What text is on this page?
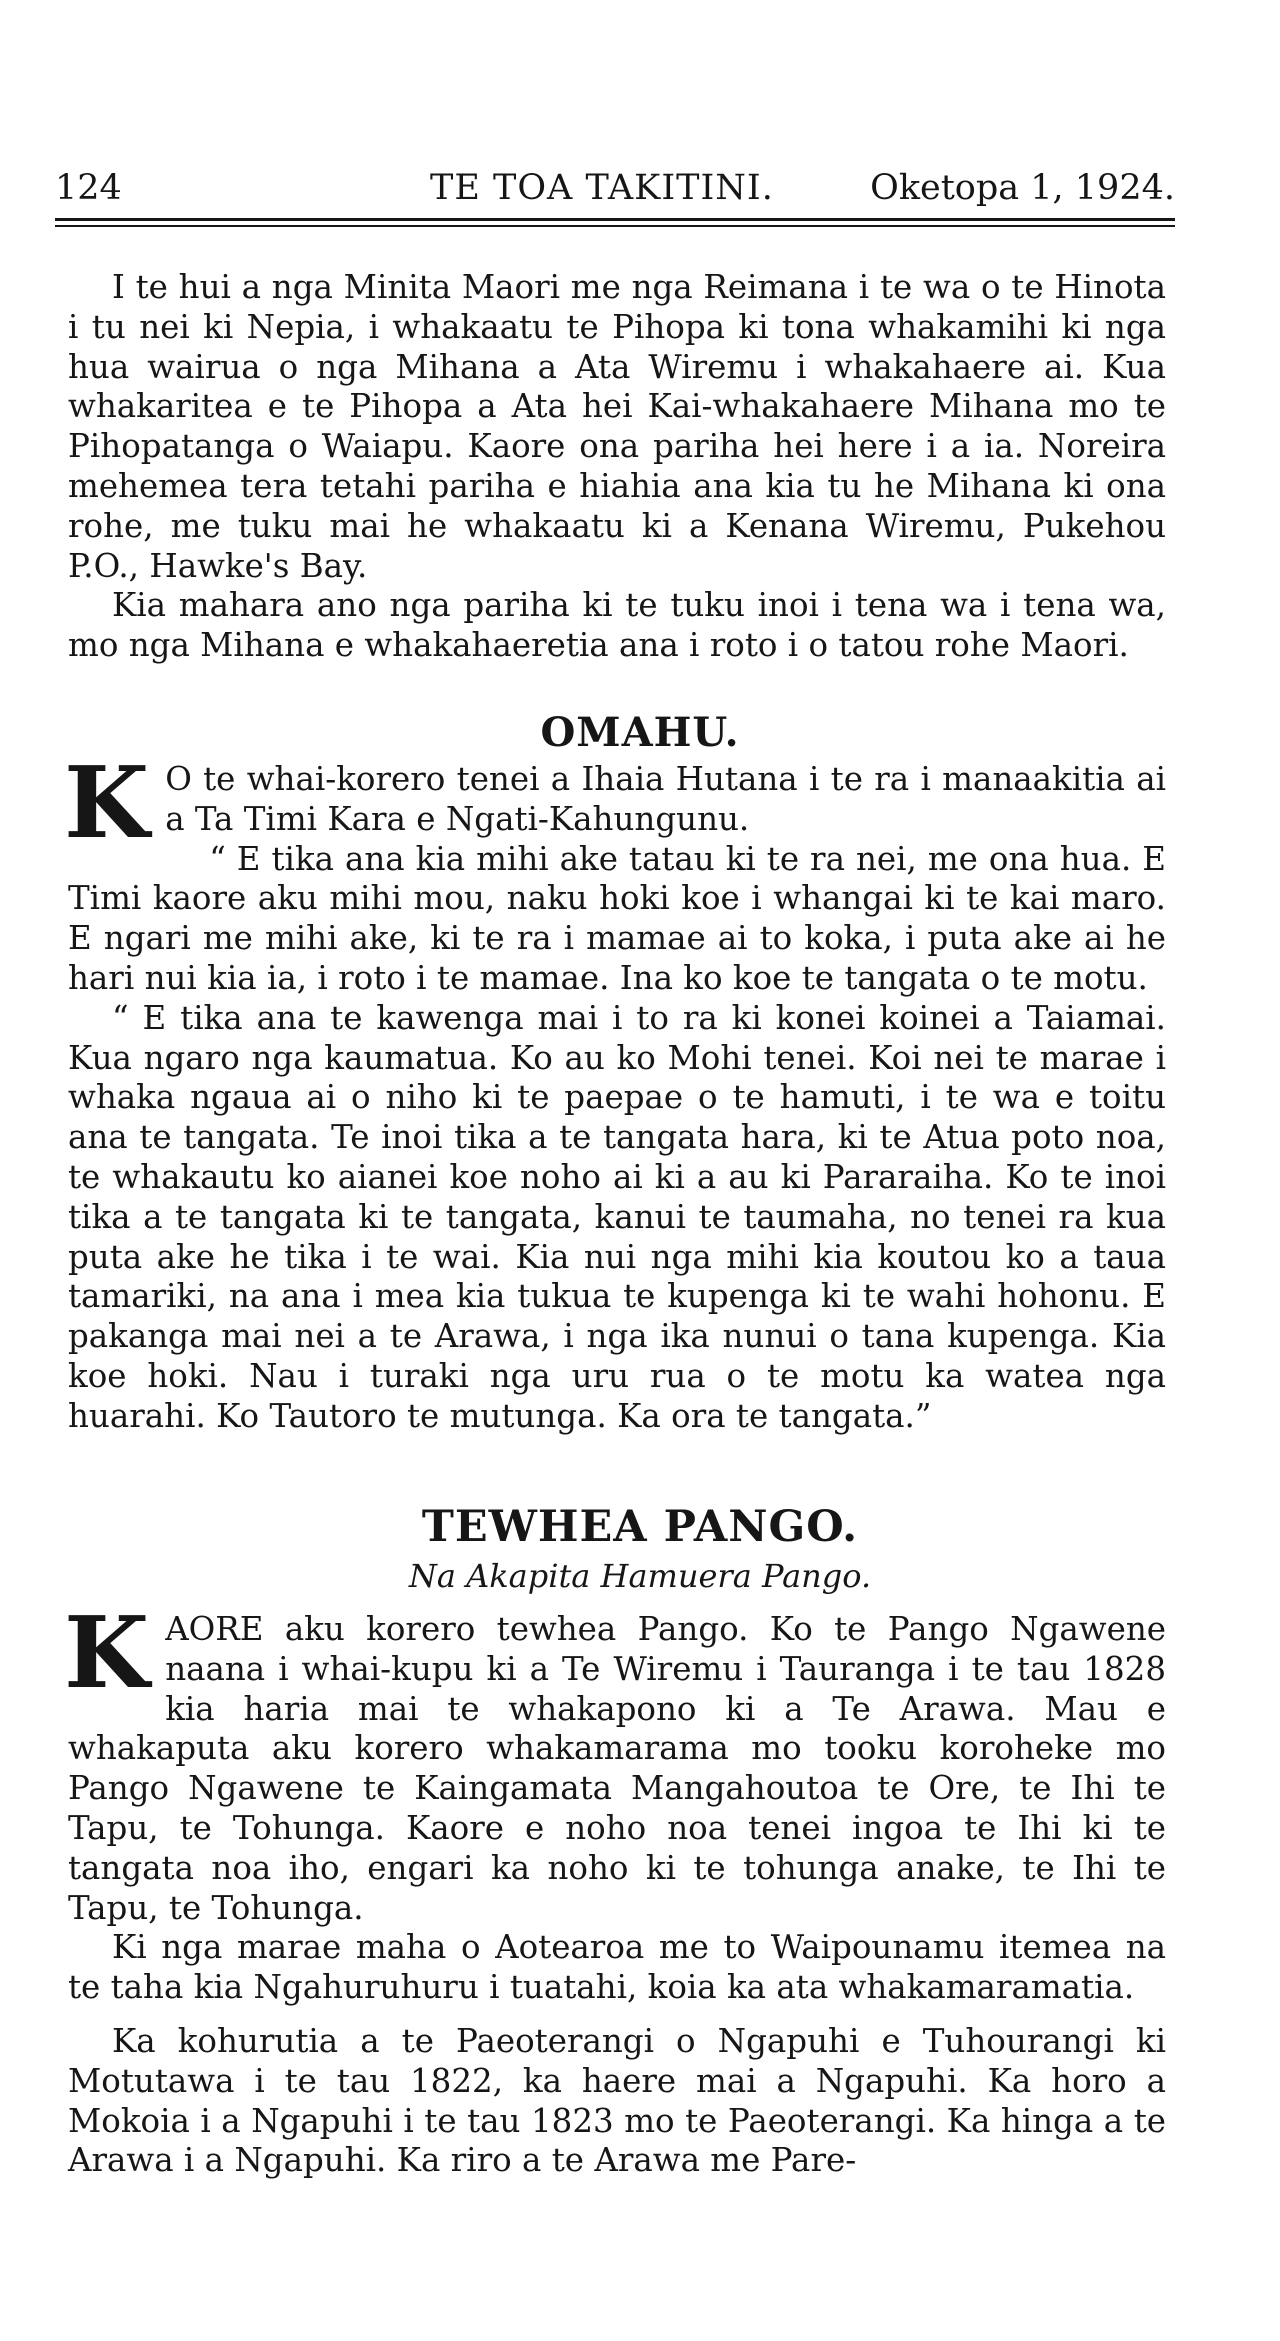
124	TE TOA TAKITINI.	Oketopa 1, 1924.

I te hui a nga Minita Maori me nga Reimana i te wa o te Hinota i tu nei ki Nepia, i whakaatu te Pihopa ki tona whakamihi ki nga hua wairua o nga Mihana a Ata Wiremu i whakahaere ai. Kua whakaritea e te Pihopa a Ata hei Kai-whakahaere Mihana mo te Pihopatanga o Waiapu. Kaore ona pariha hei here i a ia. Noreira mehemea tera tetahi pariha e hiahia ana kia tu he Mihana ki ona rohe, me tuku mai he whakaatu ki a Kenana Wiremu, Pukehou P.O., Hawke's Bay.

Kia mahara ano nga pariha ki te tuku inoi i tena wa i tena wa, mo nga Mihana e whakahaeretia ana i roto i o tatou rohe Maori.

OMAHU.
K O te whai-korero tenei a Ihaia Hutana i te ra i manaakitia ai a Ta Timi Kara e Ngati-Kahungunu.

“ E tika ana kia mihi ake tatau ki te ra nei, me ona hua. E Timi kaore aku mihi mou, naku hoki koe i whangai ki te kai maro. E ngari me mihi ake, ki te ra i mamae ai to koka, i puta ake ai he hari nui kia ia, i roto i te mamae. Ina ko koe te tangata o te motu.

“ E tika ana te kawenga mai i to ra ki konei koinei a Taiamai. Kua ngaro nga kaumatua. Ko au ko Mohi tenei. Koi nei te marae i whaka ngaua ai o niho ki te paepae o te hamuti, i te wa e toitu ana te tangata. Te inoi tika a te tangata hara, ki te Atua poto noa, te whakautu ko aianei koe noho ai ki a au ki Pararaiha. Ko te inoi tika a te tangata ki te tangata, kanui te taumaha, no tenei ra kua puta ake he tika i te wai. Kia nui nga mihi kia koutou ko a taua tamariki, na ana i mea kia tukua te kupenga ki te wahi hohonu. E pakanga mai nei a te Arawa, i nga ika nunui o tana kupenga. Kia koe hoki. Nau i turaki nga uru rua o te motu ka watea nga huarahi. Ko Tautoro te mutunga. Ka ora te tangata.”

TEWHEA PANGO.
Na Akapita Hamuera Pango.
K AORE aku korero tewhea Pango. Ko te Pango Ngawene naana i whai-kupu ki a Te Wiremu i Tauranga i te tau 1828 kia haria mai te whakapono ki a Te Arawa. Mau e whakaputa aku korero whakamarama mo tooku koroheke mo Pango Ngawene te Kaingamata Mangahoutoa te Ore, te Ihi te Tapu, te Tohunga. Kaore e noho noa tenei ingoa te Ihi ki te tangata noa iho, engari ka noho ki te tohunga anake, te Ihi te Tapu, te Tohunga.

Ki nga marae maha o Aotearoa me to Waipounamu itemea na te taha kia Ngahuruhuru i tuatahi, koia ka ata whakamaramatia.

Ka kohurutia a te Paeoterangi o Ngapuhi e Tuhourangi ki Motutawa i te tau 1822, ka haere mai a Ngapuhi. Ka horo a Mokoia i a Ngapuhi i te tau 1823 mo te Paeoterangi. Ka hinga a te Arawa i a Ngapuhi. Ka riro a te Arawa me Pare-
